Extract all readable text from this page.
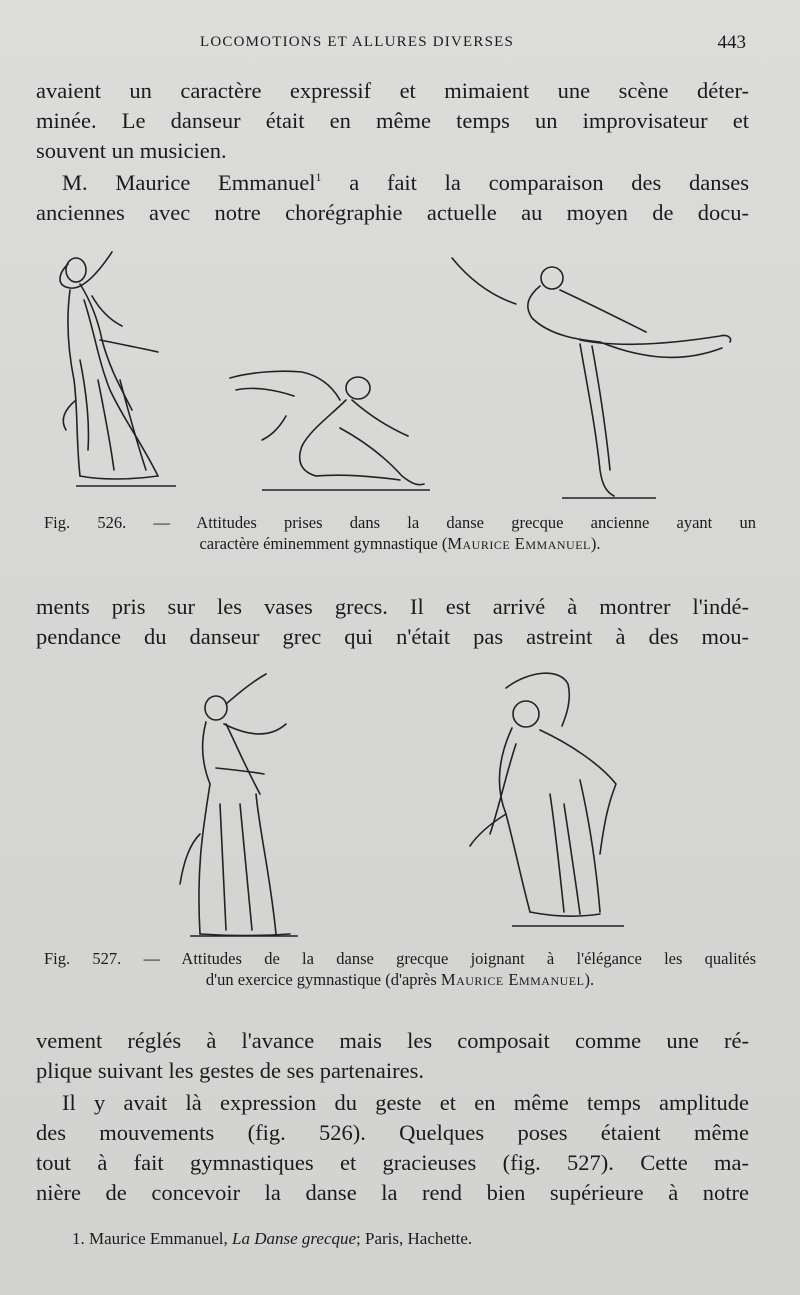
LOCOMOTIONS ET ALLURES DIVERSES	443

avaient un caractère expressif et mimaient une scène déter-
minée. Le danseur était en même temps un improvisateur et
souvent un musicien.

M. Maurice Emmanuel$^1$ a fait la comparaison des danses
anciennes avec notre chorégraphie actuelle au moyen de docu-

Fig. 526. — Attitudes prises dans la danse grecque ancienne ayant un
caractère éminemment gymnastique (Maurice Emmanuel).

ments pris sur les vases grecs. Il est arrivé à montrer l'indé-
pendance du danseur grec qui n'était pas astreint à des mou-

Fig. 527. — Attitudes de la danse grecque joignant à l'élégance les qualités
d'un exercice gymnastique (d'après Maurice Emmanuel).

vement réglés à l'avance mais les composait comme une ré-
plique suivant les gestes de ses partenaires.

Il y avait là expression du geste et en même temps amplitude
des mouvements (fig. 526). Quelques poses étaient même
tout à fait gymnastiques et gracieuses (fig. 527). Cette ma-
nière de concevoir la danse la rend bien supérieure à notre

1. Maurice Emmanuel, La Danse grecque; Paris, Hachette.
